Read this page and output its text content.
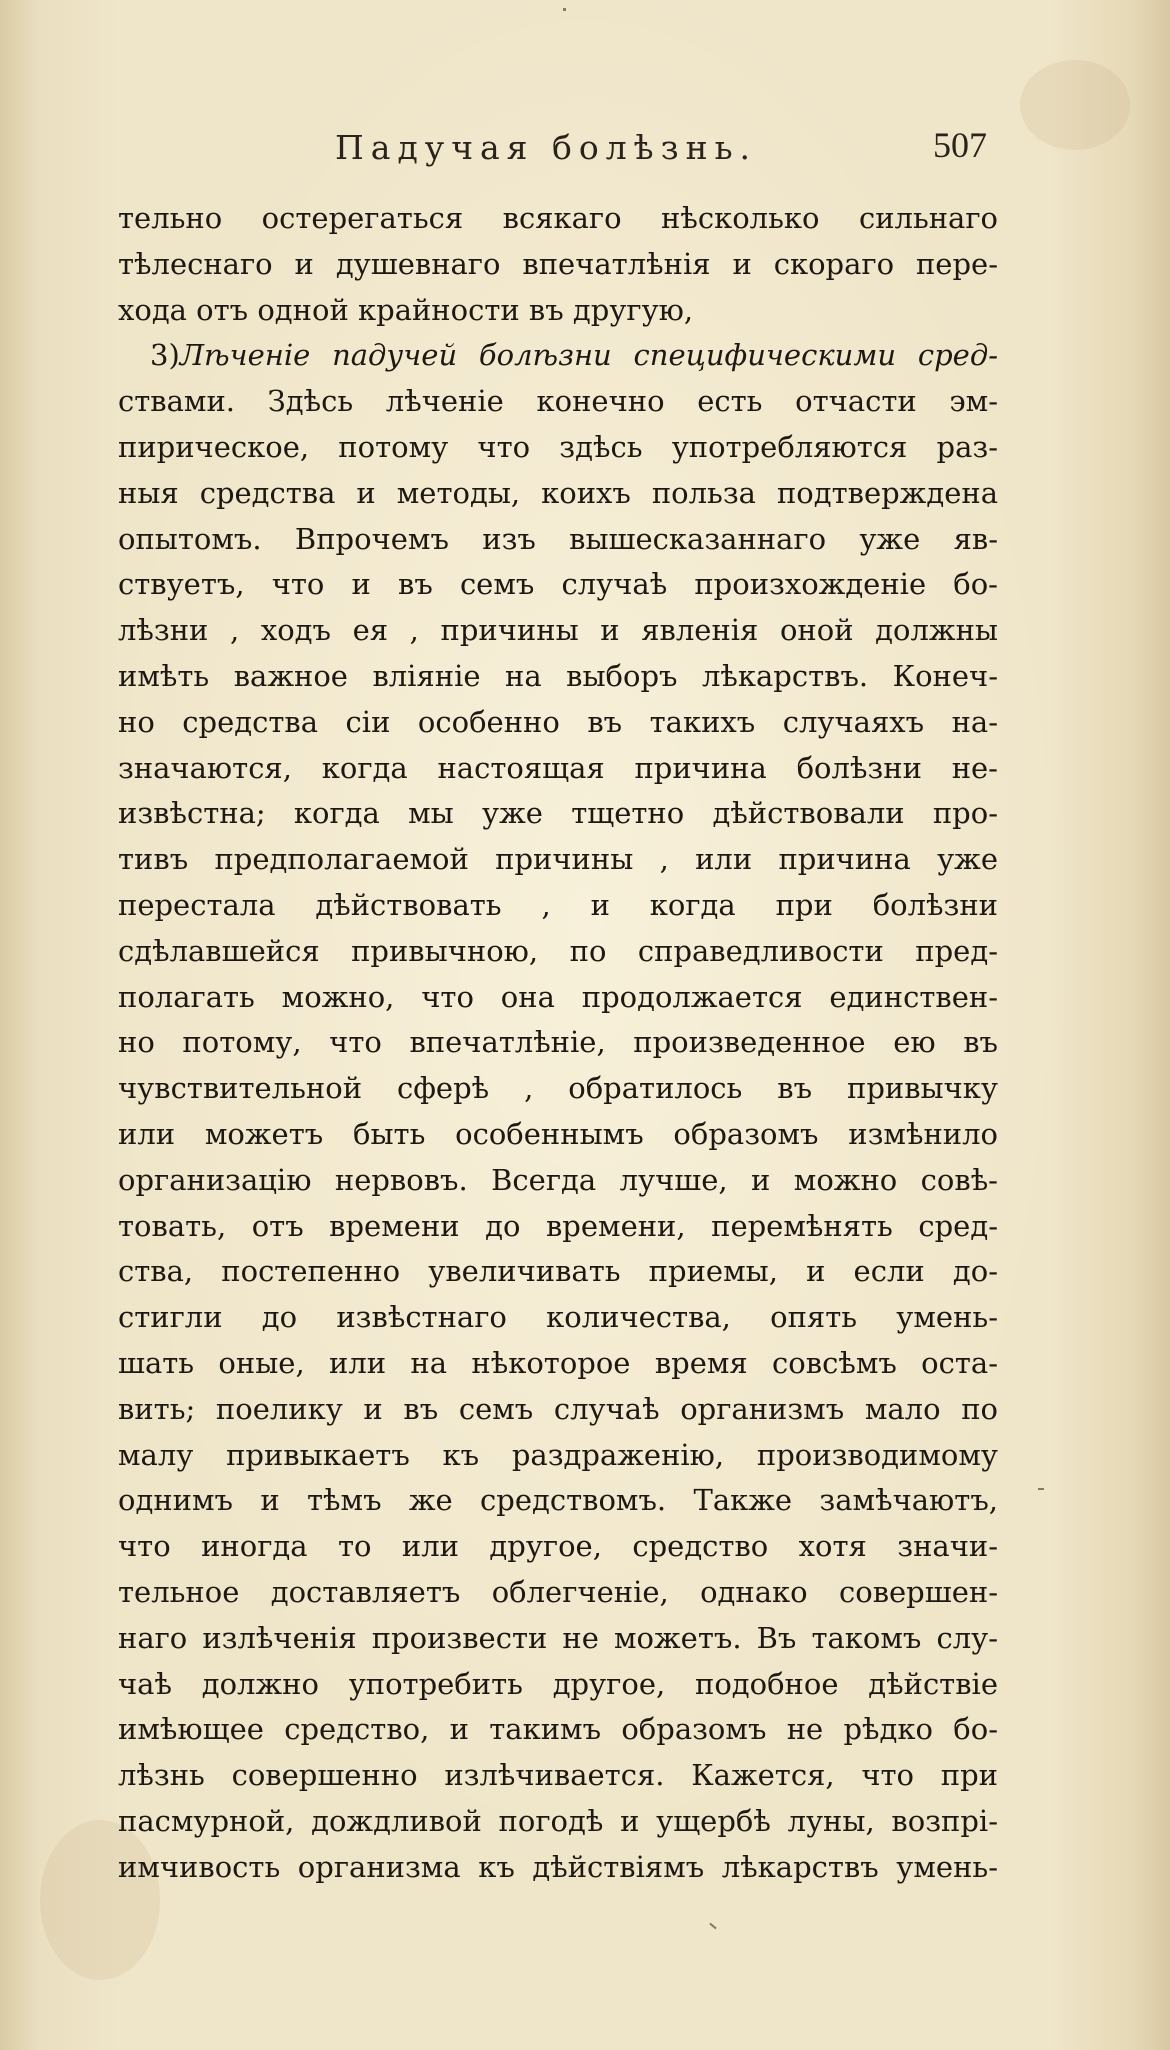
Падучая болѣзнь.	507
тельно остерегаться всякаго нѣсколько сильнаго
тѣлеснаго и душевнаго впечатлѣнія и скораго пере-
хода отъ одной крайности въ другую,
3)Лѣченіе падучей болѣзни специфическими сред-
ствами. Здѣсь лѣченіе конечно есть отчасти эм-
пирическое, потому что здѣсь употребляются раз-
ныя средства и методы, коихъ польза подтверждена
опытомъ. Впрочемъ изъ вышесказаннаго уже яв-
ствуетъ, что и въ семъ случаѣ произхожденіе бо-
лѣзни , ходъ ея , причины и явленія оной должны
имѣть важное вліяніе на выборъ лѣкарствъ. Конеч-
но средства сіи особенно въ такихъ случаяхъ на-
значаются, когда настоящая причина болѣзни не-
извѣстна; когда мы уже тщетно дѣйствовали про-
тивъ предполагаемой причины , или причина уже
перестала дѣйствовать , и когда при болѣзни
сдѣлавшейся привычною, по справедливости пред-
полагать можно, что она продолжается единствен-
но потому, что впечатлѣніе, произведенное ею въ
чувствительной сферѣ , обратилось въ привычку
или можетъ быть особеннымъ образомъ измѣнило
организацію нервовъ. Всегда лучше, и можно совѣ-
товать, отъ времени до времени, перемѣнять сред-
ства, постепенно увеличивать приемы, и если до-
стигли до извѣстнаго количества, опять умень-
шать оные, или на нѣкоторое время совсѣмъ оста-
вить; поелику и въ семъ случаѣ организмъ мало по
малу привыкаетъ къ раздраженію, производимому
однимъ и тѣмъ же средствомъ. Также замѣчаютъ,
что иногда то или другое, средство хотя значи-
тельное доставляетъ облегченіе, однако совершен-
наго излѣченія произвести не можетъ. Въ такомъ слу-
чаѣ должно употребить другое, подобное дѣйствіе
имѣющее средство, и такимъ образомъ не рѣдко бо-
лѣзнь совершенно излѣчивается. Кажется, что при
пасмурной, дождливой погодѣ и ущербѣ луны, возпрі-
имчивость организма къ дѣйствіямъ лѣкарствъ умень-
